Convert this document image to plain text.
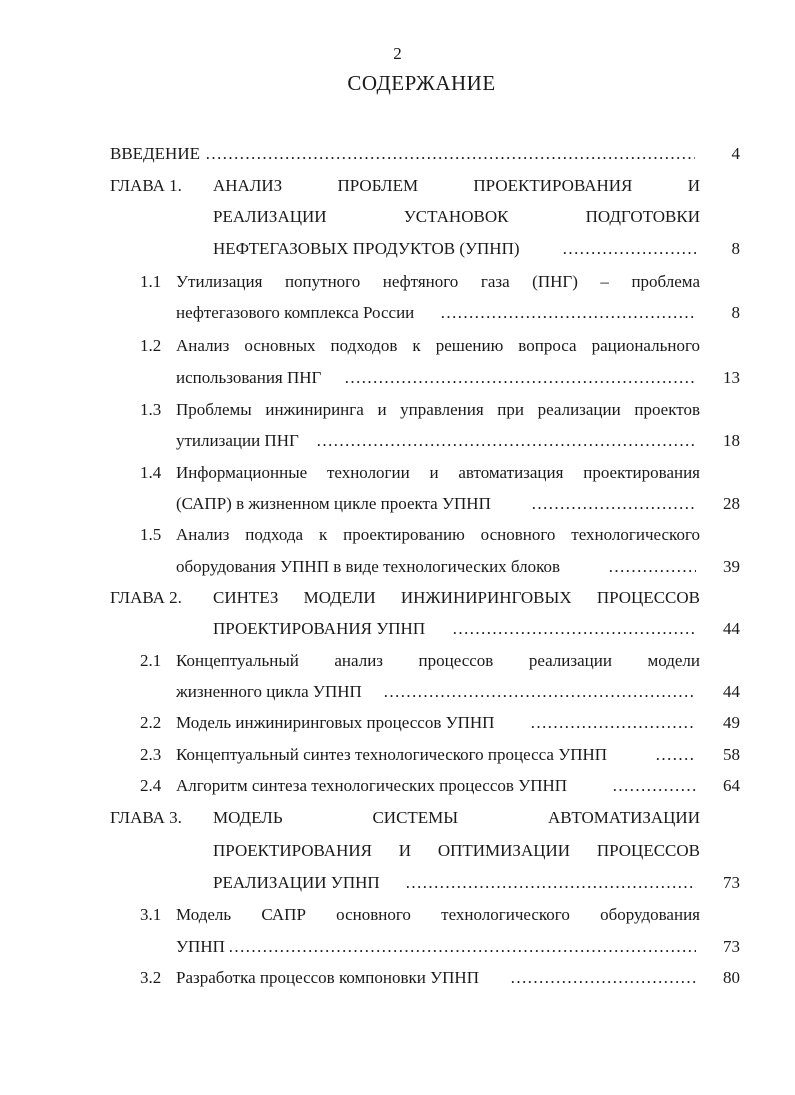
2
СОДЕРЖАНИЕ
ВВЕДЕНИЕ …………………………………………………………………………………………………………………………………………………………	4
ГЛАВА 1. АНАЛИЗ ПРОБЛЕМ ПРОЕКТИРОВАНИЯ И
РЕАЛИЗАЦИИ УСТАНОВОК ПОДГОТОВКИ
НЕФТЕГАЗОВЫХ ПРОДУКТОВ (УПНП) …………………………………………………………………………………………………………………………………………………………	8
1.1 Утилизация попутного нефтяного газа (ПНГ) – проблема
нефтегазового комплекса России …………………………………………………………………………………………………………………………………………………………	8
1.2 Анализ основных подходов к решению вопроса рационального
использования ПНГ …………………………………………………………………………………………………………………………………………………………	13
1.3 Проблемы инжиниринга и управления при реализации проектов
утилизации ПНГ …………………………………………………………………………………………………………………………………………………………	18
1.4 Информационные технологии и автоматизация проектирования
(САПР) в жизненном цикле проекта УПНП …………………………………………………………………………………………………………………………………………………………	28
1.5 Анализ подхода к проектированию основного технологического
оборудования УПНП в виде технологических блоков …………………………………………………………………………………………………………………………………………………………	39
ГЛАВА 2. СИНТЕЗ МОДЕЛИ ИНЖИНИРИНГОВЫХ ПРОЦЕССОВ
ПРОЕКТИРОВАНИЯ УПНП …………………………………………………………………………………………………………………………………………………………	44
2.1 Концептуальный анализ процессов реализации модели
жизненного цикла УПНП …………………………………………………………………………………………………………………………………………………………	44
2.2 Модель инжиниринговых процессов УПНП …………………………………………………………………………………………………………………………………………………………	49
2.3 Концептуальный синтез технологического процесса УПНП …………………………………………………………………………………………………………………………………………………………	58
2.4 Алгоритм синтеза технологических процессов УПНП …………………………………………………………………………………………………………………………………………………………	64
ГЛАВА 3. МОДЕЛЬ СИСТЕМЫ АВТОМАТИЗАЦИИ
ПРОЕКТИРОВАНИЯ И ОПТИМИЗАЦИИ ПРОЦЕССОВ
РЕАЛИЗАЦИИ УПНП …………………………………………………………………………………………………………………………………………………………	73
3.1 Модель САПР основного технологического оборудования
УПНП …………………………………………………………………………………………………………………………………………………………	73
3.2 Разработка процессов компоновки УПНП …………………………………………………………………………………………………………………………………………………………	80
